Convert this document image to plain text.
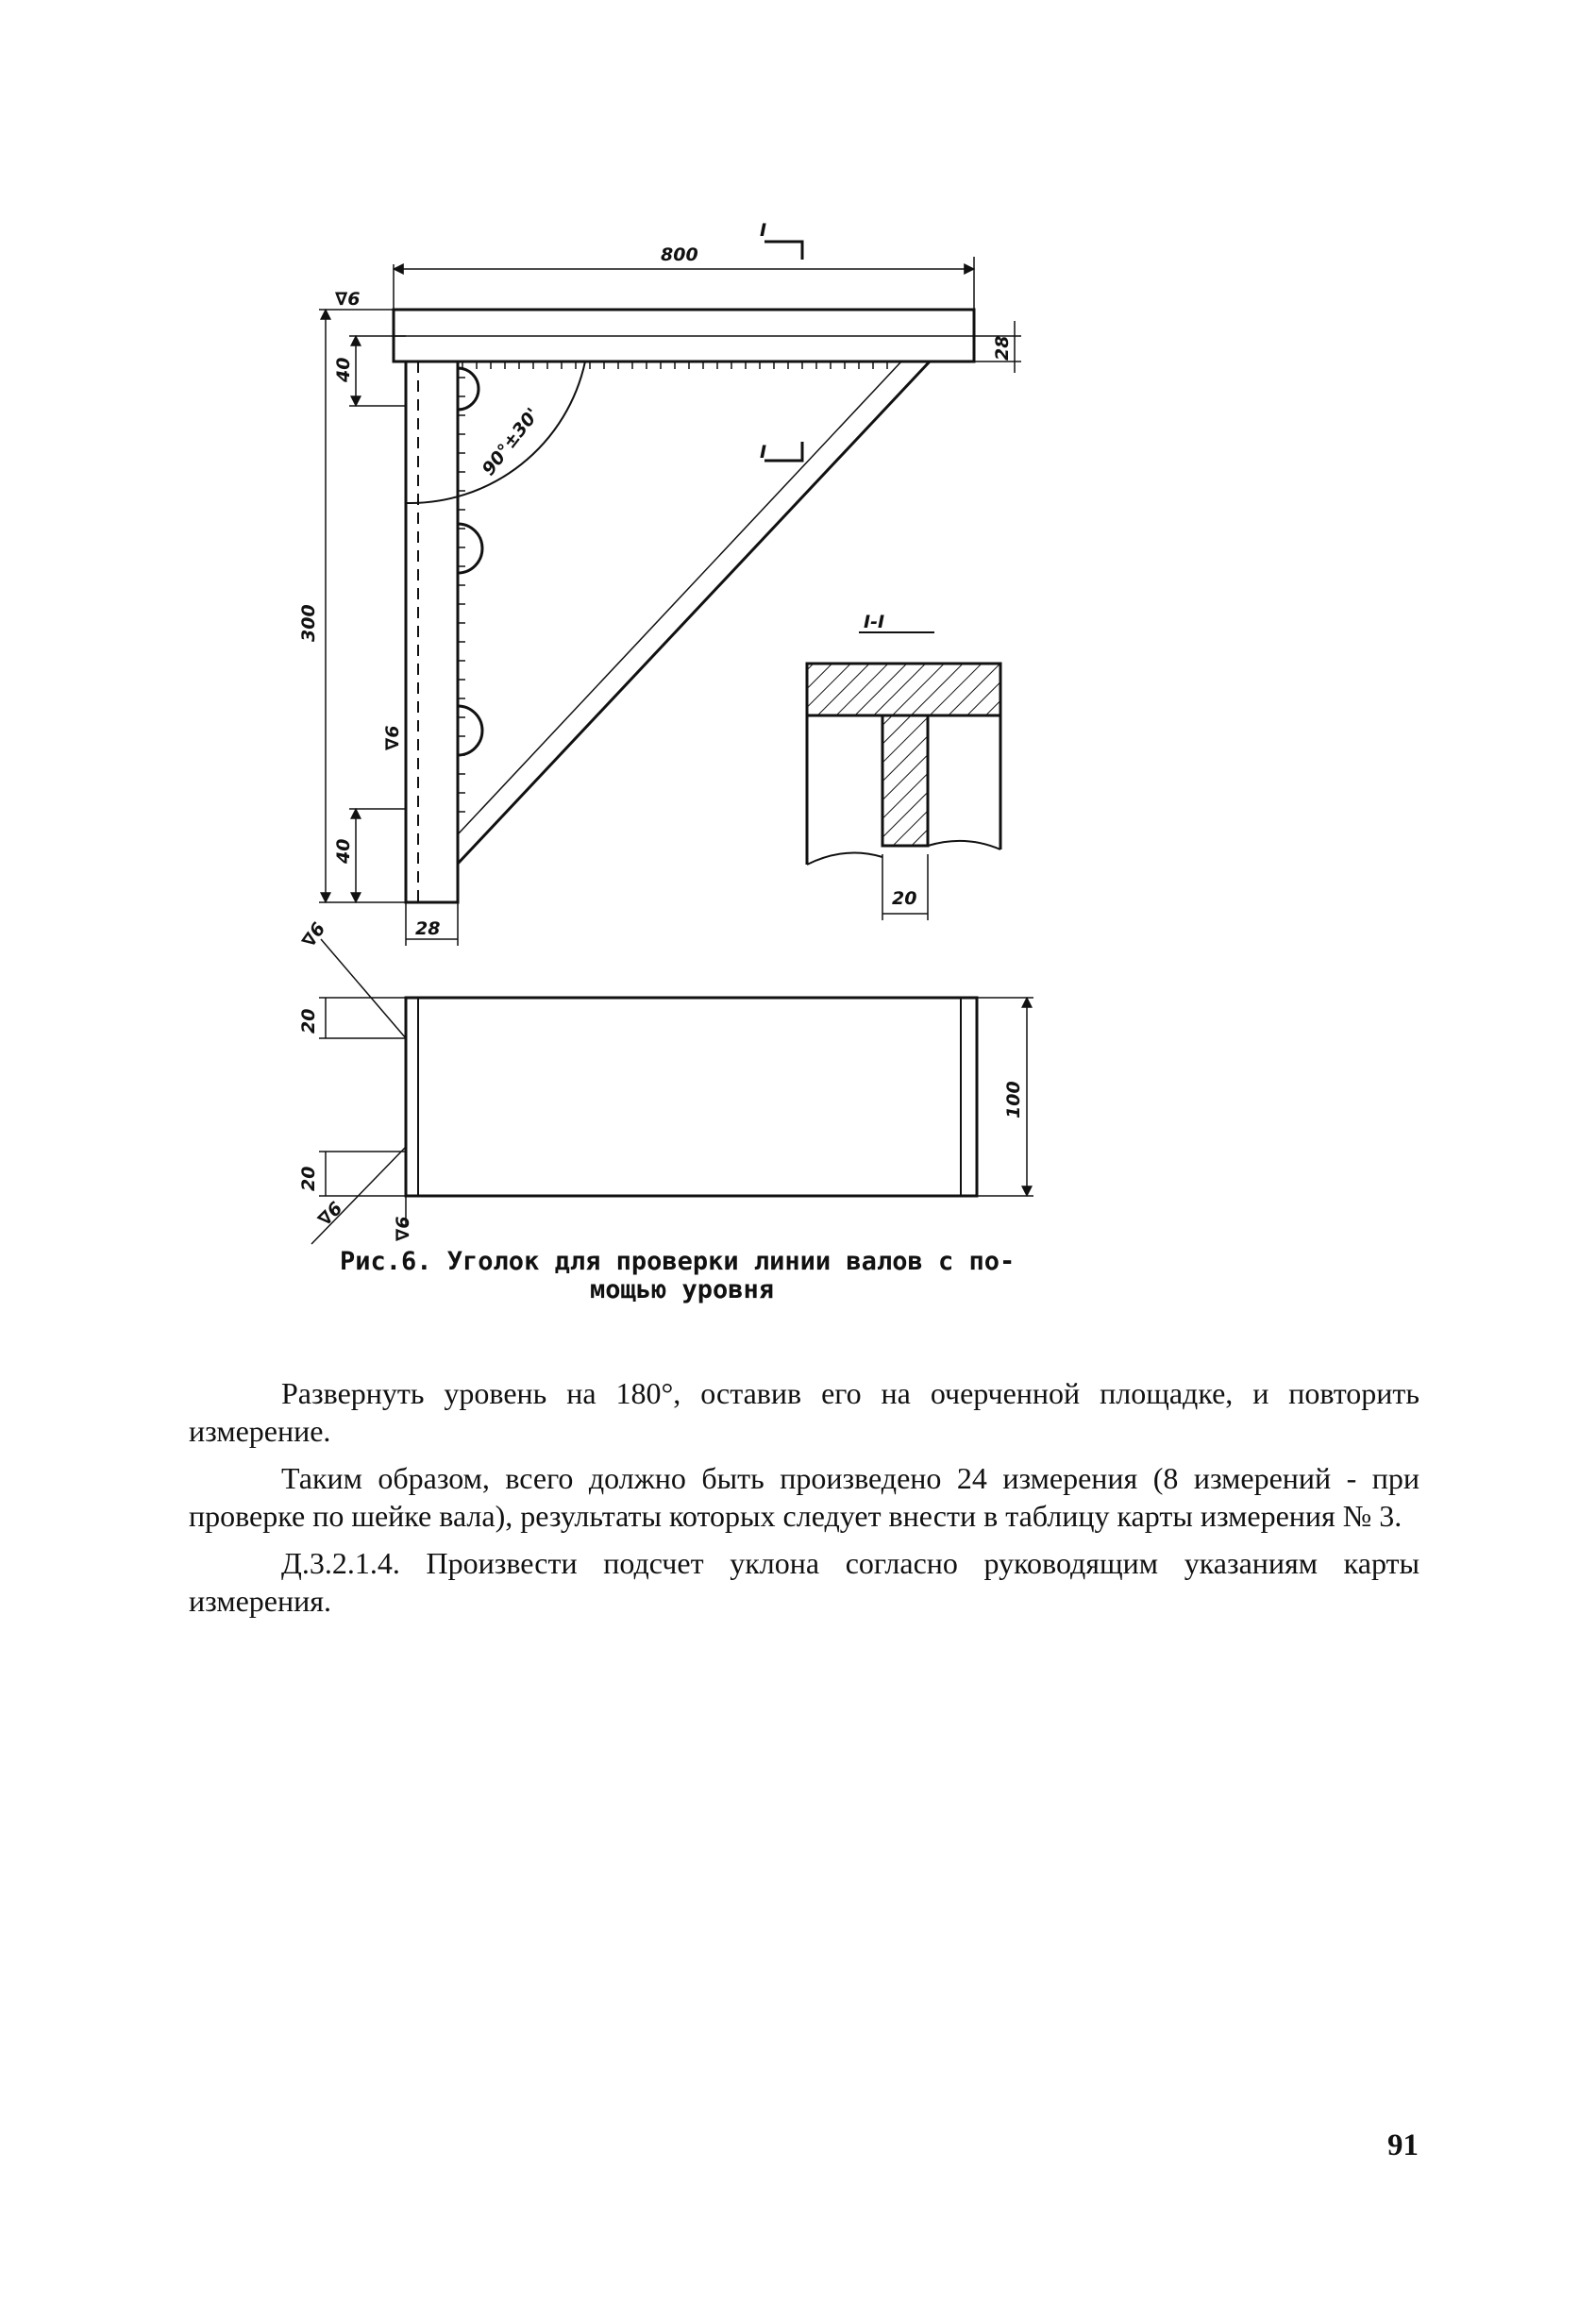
800
I
I
I-I
300
40
40
28
28
90°±30'
20
100
20
20
∇6
∇6
∇6
∇6	∇6
Рис.6. Уголок для проверки линии валов с по-
мощью уровня

Развернуть уровень на 180°, оставив его на очерченной площадке, и повторить измерение.

Таким образом, всего должно быть произведено 24 измерения (8 измерений - при проверке по шейке вала), результаты которых следует внести в таблицу карты измерения № 3.

Д.3.2.1.4. Произвести подсчет уклона согласно руководящим указаниям карты измерения.

91
